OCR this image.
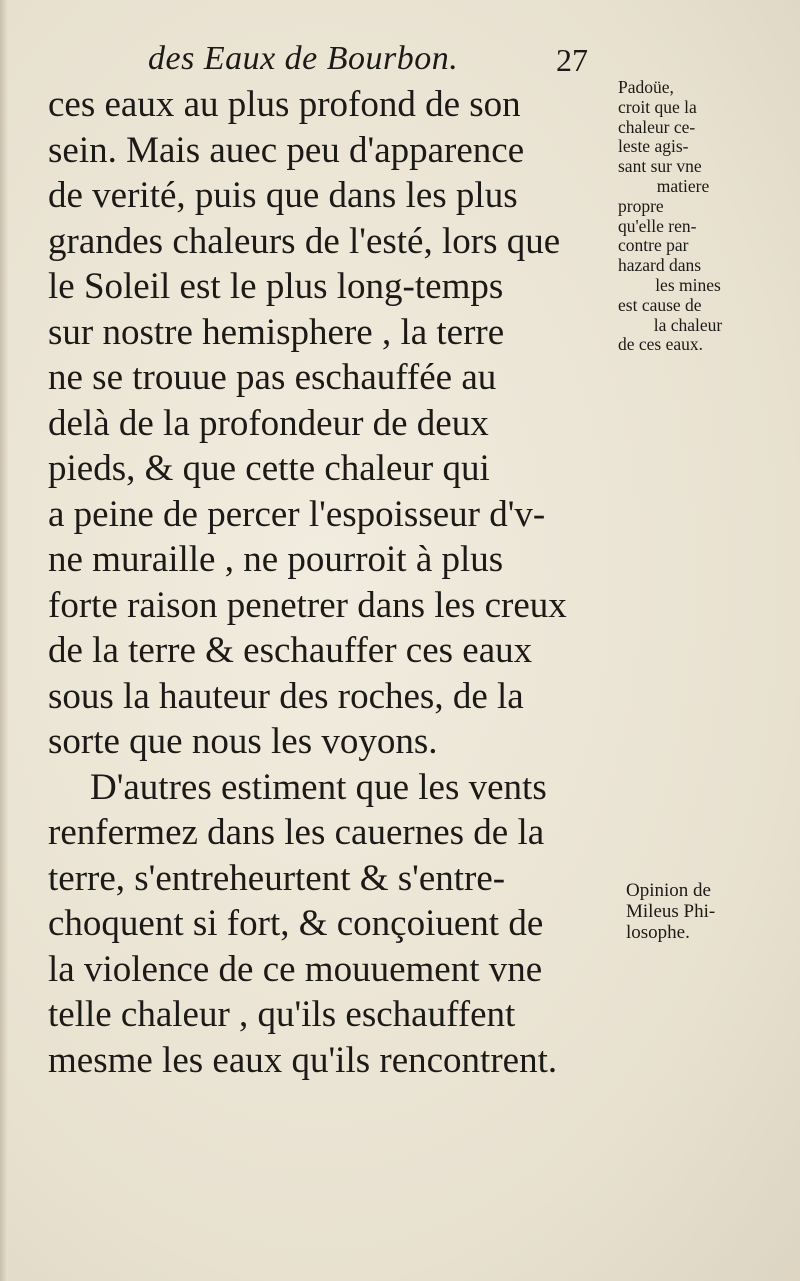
des Eaux de Bourbon.	27
ces eaux au plus profond de son
sein. Mais auec peu d'apparence
de verité, puis que dans les plus
grandes chaleurs de l'esté, lors que
le Soleil est le plus long-temps
sur nostre hemisphere , la terre
ne se trouue pas eschauffée au
delà de la profondeur de deux
pieds, & que cette chaleur qui
a peine de percer l'espoisseur d'v-
ne muraille , ne pourroit à plus
forte raison penetrer dans les creux
de la terre & eschauffer ces eaux
sous la hauteur des roches, de la
sorte que nous les voyons.
D'autres estiment que les vents
renfermez dans les cauernes de la
terre, s'entreheurtent & s'entre-
choquent si fort, & conçoiuent de
la violence de ce mouuement vne
telle chaleur , qu'ils eschauffent
mesme les eaux qu'ils rencontrent.
Padoüe,
croit que la
chaleur ce-
leste agis-
sant sur vne
matiere
propre
qu'elle ren-
contre par
hazard dans
les mines
est cause de
la chaleur
de ces eaux.
Opinion de
Mileus Phi-
losophe.
